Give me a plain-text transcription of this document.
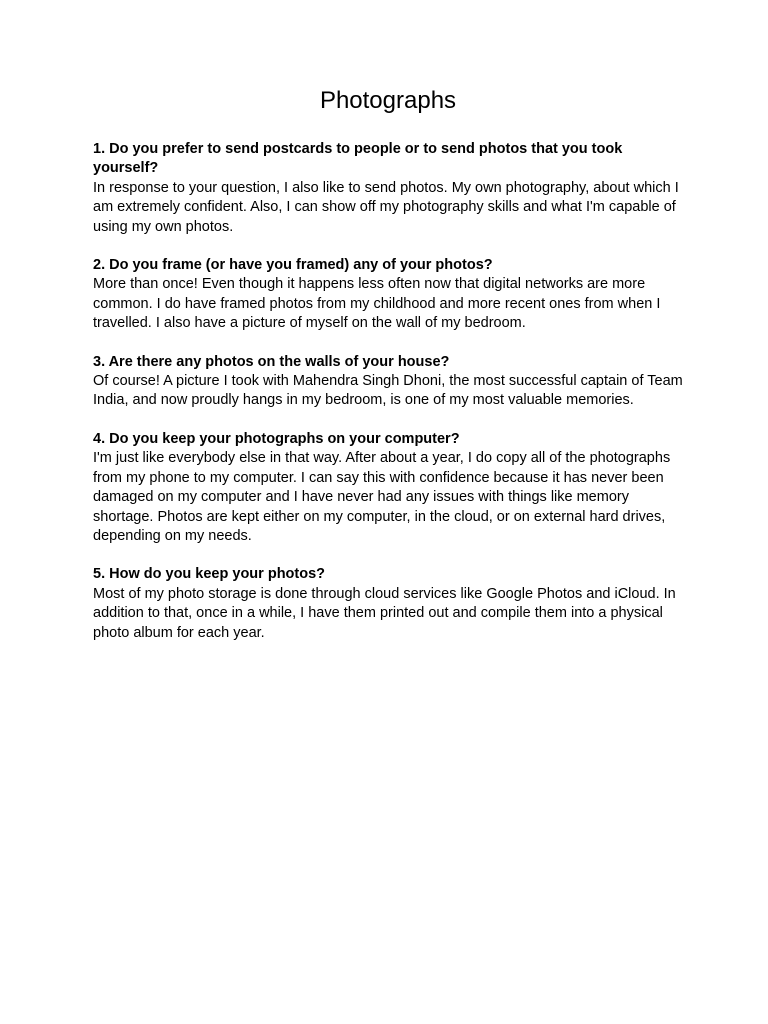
Photographs

1. Do you prefer to send postcards to people or to send photos that you took yourself?

In response to your question, I also like to send photos. My own photography, about which I am extremely confident. Also, I can show off my photography skills and what I'm capable of using my own photos.

2. Do you frame (or have you framed) any of your photos?

More than once! Even though it happens less often now that digital networks are more common. I do have framed photos from my childhood and more recent ones from when I travelled. I also have a picture of myself on the wall of my bedroom.

3. Are there any photos on the walls of your house?

Of course! A picture I took with Mahendra Singh Dhoni, the most successful captain of Team India, and now proudly hangs in my bedroom, is one of my most valuable memories.

4. Do you keep your photographs on your computer?

I'm just like everybody else in that way. After about a year, I do copy all of the photographs from my phone to my computer. I can say this with confidence because it has never been damaged on my computer and I have never had any issues with things like memory shortage. Photos are kept either on my computer, in the cloud, or on external hard drives, depending on my needs.

5. How do you keep your photos?

Most of my photo storage is done through cloud services like Google Photos and iCloud. In addition to that, once in a while, I have them printed out and compile them into a physical photo album for each year.
